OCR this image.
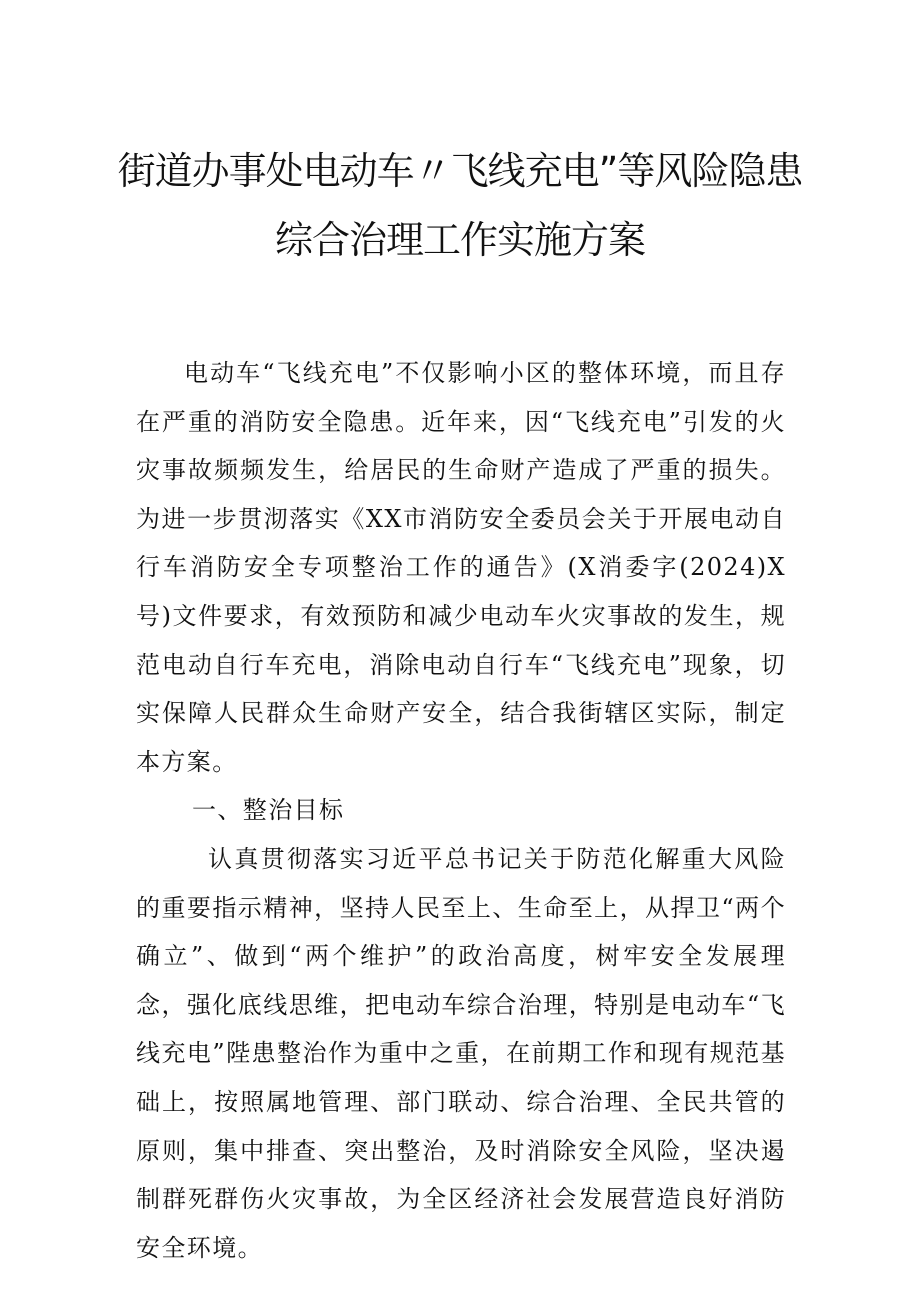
街道办事处电动车〃飞线充电”等风险隐患
综合治理工作实施方案

电动车“飞线充电”不仅影响小区的整体环境，而且存在严重的消防安全隐患。近年来，因“飞线充电”引发的火灾事故频频发生，给居民的生命财产造成了严重的损失。为进一步贯沏落实《XX市消防安全委员会关于开展电动自行车消防安全专项整治工作的通告》(X消委字(2024)X号)文件要求，有效预防和减少电动车火灾事故的发生，规范电动自行车充电，消除电动自行车“飞线充电”现象，切实保障人民群众生命财产安全，结合我街辖区实际，制定本方案。

一、整治目标

认真贯彻落实习近平总书记关于防范化解重大风险的重要指示精神，坚持人民至上、生命至上，从捍卫“两个确立”、做到“两个维护”的政治高度，树牢安全发展理念，强化底线思维，把电动车综合治理，特别是电动车“飞线充电”陛患整治作为重中之重，在前期工作和现有规范基础上，按照属地管理、部门联动、综合治理、全民共管的原则，集中排查、突出整治，及时消除安全风险，坚决遏制群死群伤火灾事故，为全区经济社会发展营造良好消防安全环境。
